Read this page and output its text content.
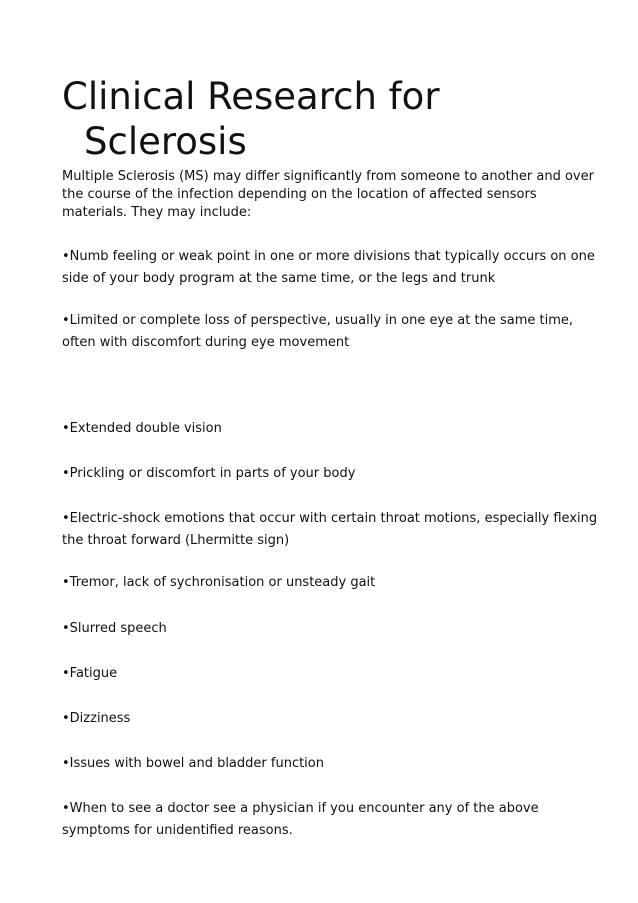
Clinical Research for
Sclerosis

Multiple Sclerosis (MS) may differ significantly from someone to another and over the course of the infection depending on the location of affected sensors materials. They may include:

•Numb feeling or weak point in one or more divisions that typically occurs on one side of your body program at the same time, or the legs and trunk

•Limited or complete loss of perspective, usually in one eye at the same time, often with discomfort during eye movement

•Extended double vision

•Prickling or discomfort in parts of your body

•Electric-shock emotions that occur with certain throat motions, especially flexing the throat forward (Lhermitte sign)

•Tremor, lack of sychronisation or unsteady gait

•Slurred speech

•Fatigue

•Dizziness

•Issues with bowel and bladder function

•When to see a doctor see a physician if you encounter any of the above symptoms for unidentified reasons.
